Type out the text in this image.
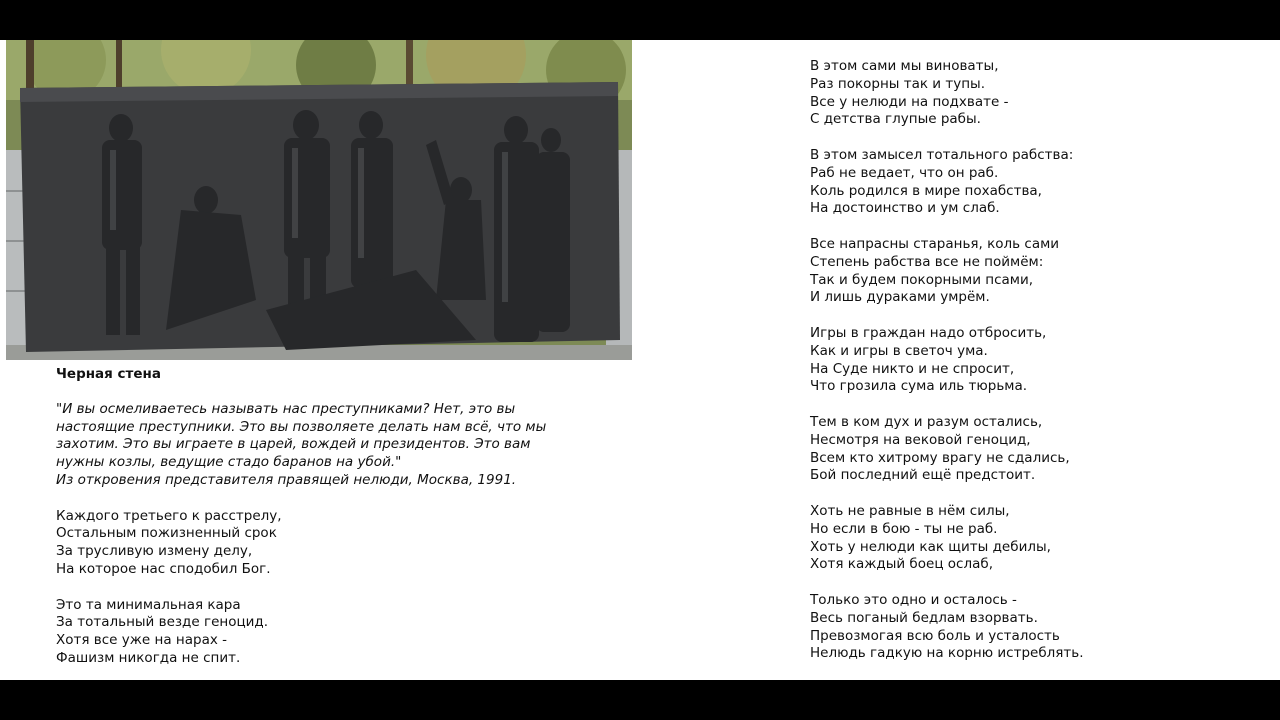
Черная стена
"И вы осмеливаетесь называть нас преступниками? Нет, это вы
настоящие преступники. Это вы позволяете делать нам всё, что мы
захотим. Это вы играете в царей, вождей и президентов. Это вам
нужны козлы, ведущие стадо баранов на убой."
Из откровения представителя правящей нелюди, Москва, 1991.
Каждого третьего к расстрелу,
Остальным пожизненный срок
За трусливую измену делу,
На которое нас сподобил Бог.
Это та минимальная кара
За тотальный везде геноцид.
Хотя все уже на нарах -
Фашизм никогда не спит.
В этом сами мы виноваты,
Раз покорны так и тупы.
Все у нелюди на подхвате -
С детства глупые рабы.
В этом замысел тотального рабства:
Раб не ведает, что он раб.
Коль родился в мире похабства,
На достоинство и ум слаб.
Все напрасны старанья, коль сами
Степень рабства все не поймём:
Так и будем покорными псами,
И лишь дураками умрём.
Игры в граждан надо отбросить,
Как и игры в светоч ума.
На Суде никто и не спросит,
Что грозила сума иль тюрьма.
Тем в ком дух и разум остались,
Несмотря на вековой геноцид,
Всем кто хитрому врагу не сдались,
Бой последний ещё предстоит.
Хоть не равные в нём силы,
Но если в бою - ты не раб.
Хоть у нелюди как щиты дебилы,
Хотя каждый боец ослаб,
Только это одно и осталось -
Весь поганый бедлам взорвать.
Превозмогая всю боль и усталость
Нелюдь гадкую на корню истреблять.
